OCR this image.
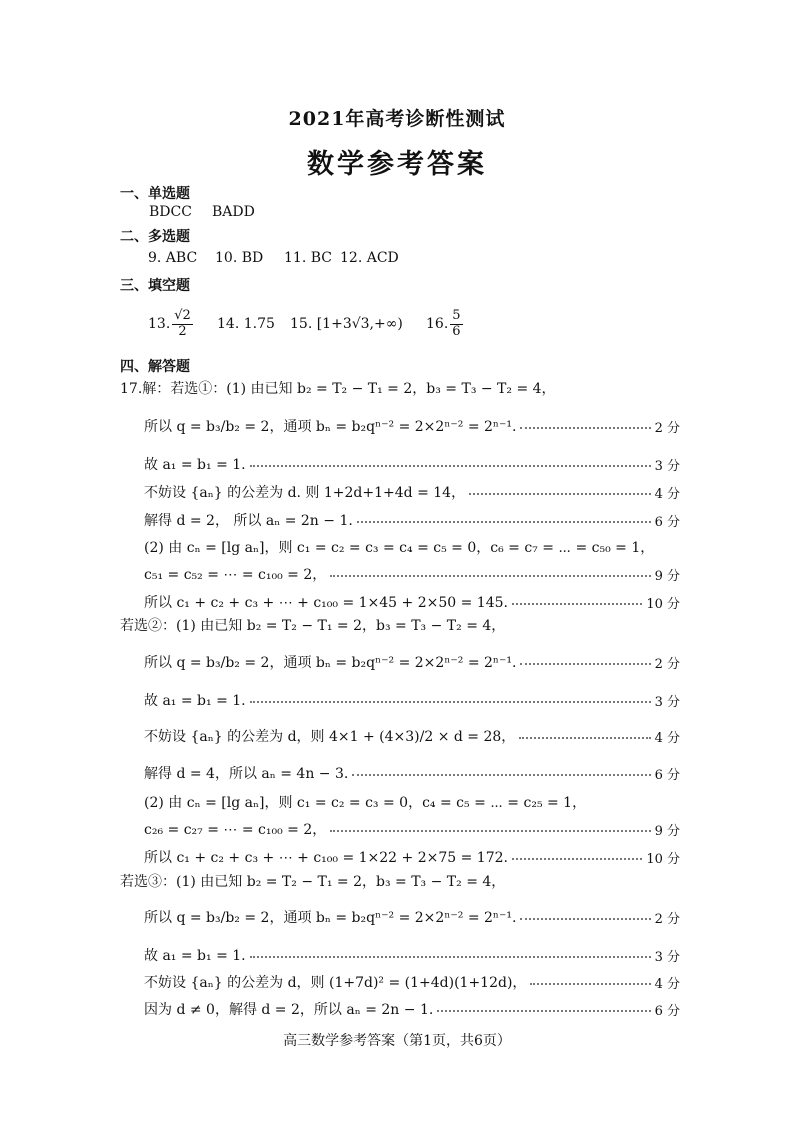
2021年高考诊断性测试
数学参考答案
一、单选题
BDCC BADD
二、多选题
9. ABC 10. BD 11. BC 12. ACD
三、填空题
13. $\frac{√2}{2} 14$. 1.75 15. [1+3√3,+∞) 16. $\frac{5}{6}$
四、解答题
17.解：若选①：(1) 由已知 b₂ = T₂ − T₁ = 2，b₃ = T₃ − T₂ = 4，
所以 q = b₃/b₂ = 2，通项 bₙ = b₂qⁿ⁻² = 2×2ⁿ⁻² = 2ⁿ⁻¹.	2 分
故 a₁ = b₁ = 1.	3 分
不妨设 {aₙ} 的公差为 d. 则 1+2d+1+4d = 14，	4 分
解得 d = 2， 所以 aₙ = 2n − 1.	6 分
(2) 由 cₙ = [lg aₙ]，则 c₁ = c₂ = c₃ = c₄ = c₅ = 0，c₆ = c₇ = ⋯ = c₅₀ = 1，
c₅₁ = c₅₂ = ⋯ = c₁₀₀ = 2，	9 分
所以 c₁ + c₂ + c₃ + ⋯ + c₁₀₀ = 1×45 + 2×50 = 145.	10 分
若选②：(1) 由已知 b₂ = T₂ − T₁ = 2，b₃ = T₃ − T₂ = 4，
所以 q = b₃/b₂ = 2，通项 bₙ = b₂qⁿ⁻² = 2×2ⁿ⁻² = 2ⁿ⁻¹.	2 分
故 a₁ = b₁ = 1.	3 分
不妨设 {aₙ} 的公差为 d，则 4×1 + (4×3)/2 × d = 28，	4 分
解得 d = 4，所以 aₙ = 4n − 3.	6 分
(2) 由 cₙ = [lg aₙ]，则 c₁ = c₂ = c₃ = 0，c₄ = c₅ = ⋯ = c₂₅ = 1，
c₂₆ = c₂₇ = ⋯ = c₁₀₀ = 2，	9 分
所以 c₁ + c₂ + c₃ + ⋯ + c₁₀₀ = 1×22 + 2×75 = 172.	10 分
若选③：(1) 由已知 b₂ = T₂ − T₁ = 2，b₃ = T₃ − T₂ = 4，
所以 q = b₃/b₂ = 2，通项 bₙ = b₂qⁿ⁻² = 2×2ⁿ⁻² = 2ⁿ⁻¹.	2 分
故 a₁ = b₁ = 1.	3 分
不妨设 {aₙ} 的公差为 d，则 (1+7d)² = (1+4d)(1+12d)，	4 分
因为 d ≠ 0，解得 d = 2，所以 aₙ = 2n − 1.	6 分
高三数学参考答案（第1页，共6页）
